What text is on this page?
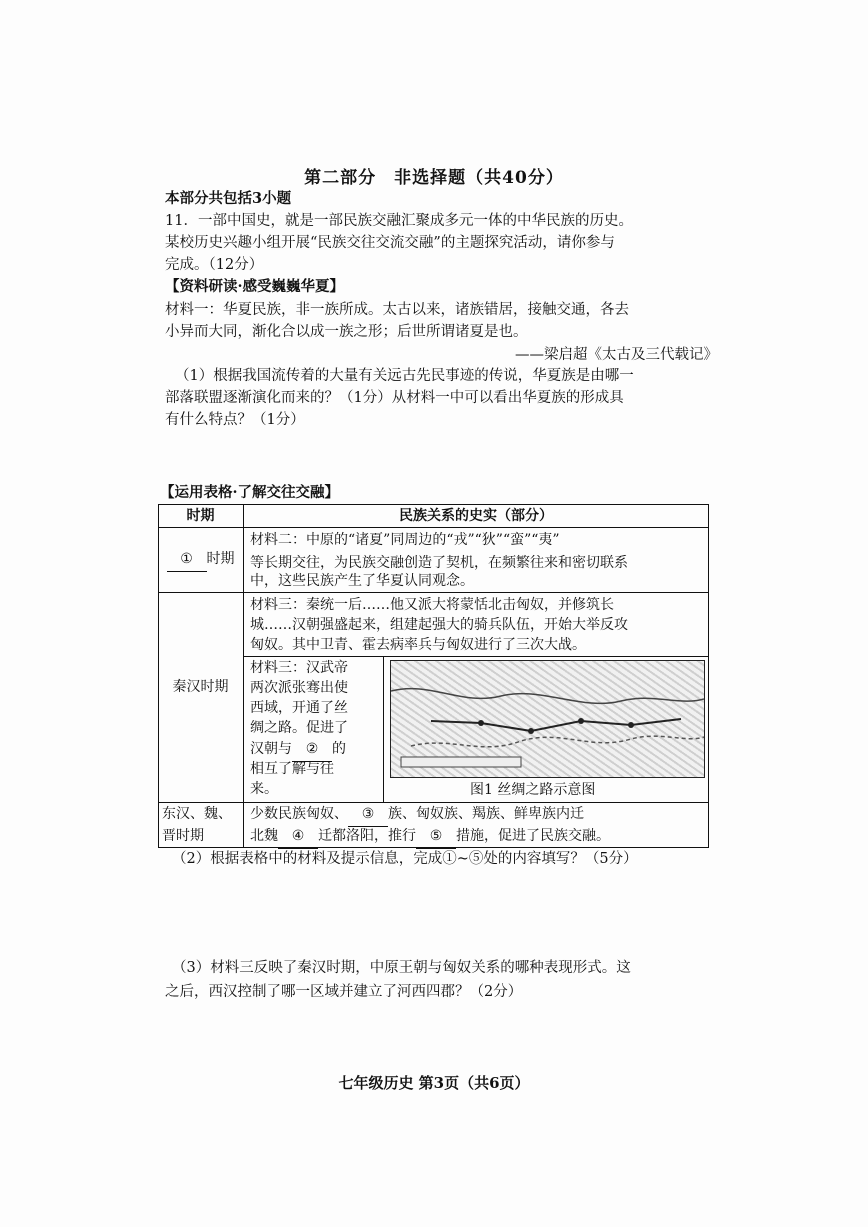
第二部分　非选择题（共40分）
本部分共包括3小题
11．一部中国史，就是一部民族交融汇聚成多元一体的中华民族的历史。
某校历史兴趣小组开展“民族交往交流交融”的主题探究活动，请你参与
完成。（12分）
【资料研读·感受巍巍华夏】
材料一：华夏民族，非一族所成。太古以来，诸族错居，接触交通，各去
小异而大同，渐化合以成一族之形；后世所谓诸夏是也。
——梁启超《太古及三代载记》
（1）根据我国流传着的大量有关远古先民事迹的传说，华夏族是由哪一
部落联盟逐渐演化而来的？（1分）从材料一中可以看出华夏族的形成具
有什么特点？（1分）
【运用表格·了解交往交融】
时期	民族关系的史实（部分）
① 时期
材料二：中原的“诸夏”同周边的“戎”“狄”“蛮”“夷”
等长期交往，为民族交融创造了契机，在频繁往来和密切联系
中，这些民族产生了华夏认同观念。
秦汉时期
材料三：秦统一后……他又派大将蒙恬北击匈奴，并修筑长
城……汉朝强盛起来，组建起强大的骑兵队伍，开始大举反攻
匈奴。其中卫青、霍去病率兵与匈奴进行了三次大战。
材料三：汉武帝
两次派张骞出使
西域，开通了丝
绸之路。促进了
汉朝与 ② 的
相互了解与往
来。	图1 丝绸之路示意图
东汉、魏、
晋时期
少数民族匈奴、 ③ 族、匈奴族、羯族、鲜卑族内迁
北魏 ④ 迁都洛阳，推行 ⑤ 措施，促进了民族交融。
（2）根据表格中的材料及提示信息，完成①~⑤处的内容填写？（5分）
（3）材料三反映了秦汉时期，中原王朝与匈奴关系的哪种表现形式。这
之后，西汉控制了哪一区域并建立了河西四郡？（2分）
七年级历史 第3页（共6页）
